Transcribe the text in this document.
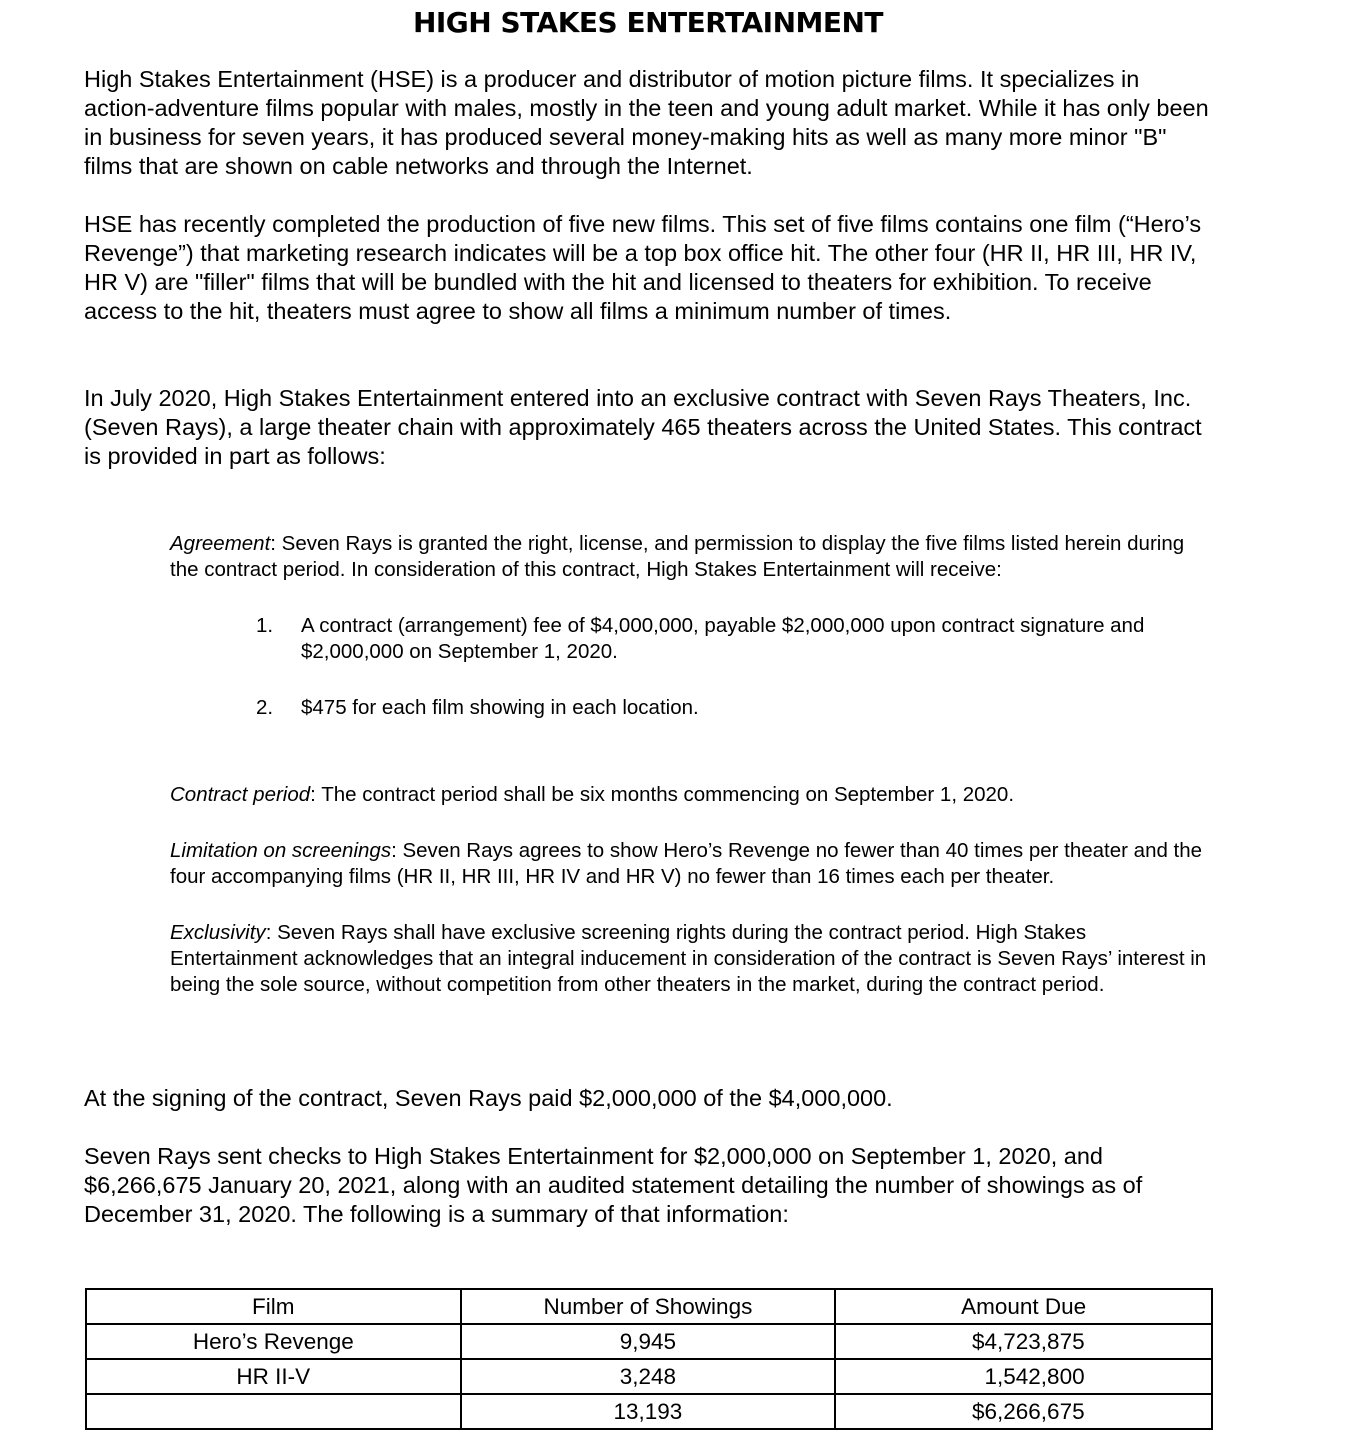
HIGH STAKES ENTERTAINMENT

High Stakes Entertainment (HSE) is a producer and distributor of motion picture films. It specializes in action-adventure films popular with males, mostly in the teen and young adult market. While it has only been in business for seven years, it has produced several money-making hits as well as many more minor "B" films that are shown on cable networks and through the Internet.

HSE has recently completed the production of five new films. This set of five films contains one film (“Hero’s Revenge”) that marketing research indicates will be a top box office hit. The other four (HR II, HR III, HR IV, HR V) are "filler" films that will be bundled with the hit and licensed to theaters for exhibition. To receive access to the hit, theaters must agree to show all films a minimum number of times.

In July 2020, High Stakes Entertainment entered into an exclusive contract with Seven Rays Theaters, Inc. (Seven Rays), a large theater chain with approximately 465 theaters across the United States. This contract is provided in part as follows:

Agreement: Seven Rays is granted the right, license, and permission to display the five films listed herein during the contract period. In consideration of this contract, High Stakes Entertainment will receive:

1. A contract (arrangement) fee of $4,000,000, payable $2,000,000 upon contract signature and $2,000,000 on September 1, 2020.
2. $475 for each film showing in each location.

Contract period: The contract period shall be six months commencing on September 1, 2020.

Limitation on screenings: Seven Rays agrees to show Hero’s Revenge no fewer than 40 times per theater and the four accompanying films (HR II, HR III, HR IV and HR V) no fewer than 16 times each per theater.

Exclusivity: Seven Rays shall have exclusive screening rights during the contract period. High Stakes Entertainment acknowledges that an integral inducement in consideration of the contract is Seven Rays’ interest in being the sole source, without competition from other theaters in the market, during the contract period.

At the signing of the contract, Seven Rays paid $2,000,000 of the $4,000,000.

Seven Rays sent checks to High Stakes Entertainment for $2,000,000 on September 1, 2020, and $6,266,675 January 20, 2021, along with an audited statement detailing the number of showings as of December 31, 2020. The following is a summary of that information:

Film	Number of Showings	Amount Due
Hero’s Revenge	9,945	$4,723,875
HR II-V	3,248	1,542,800
	13,193	$6,266,675
